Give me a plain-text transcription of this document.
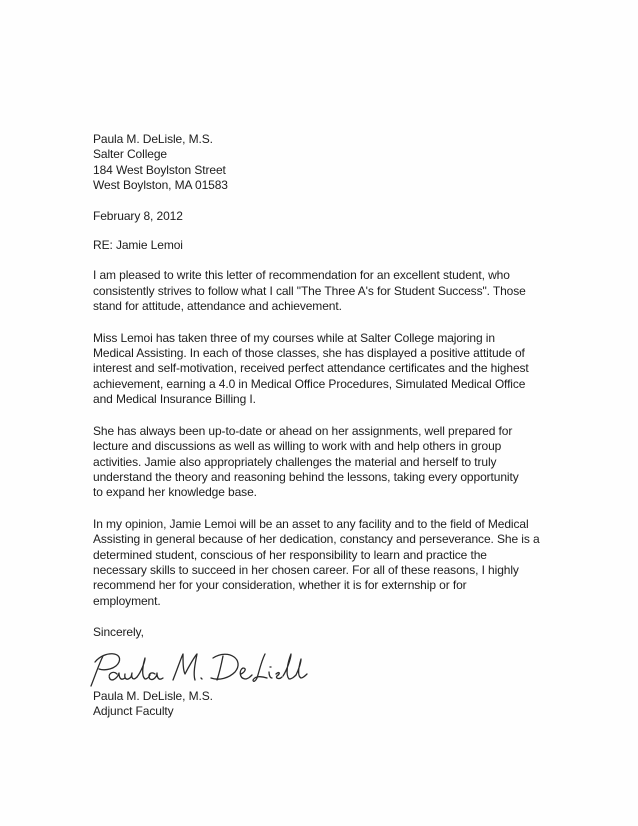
Paula M. DeLisle, M.S.
Salter College
184 West Boylston Street
West Boylston, MA 01583
February 8, 2012
RE: Jamie Lemoi
I am pleased to write this letter of recommendation for an excellent student, who
consistently strives to follow what I call "The Three A's for Student Success". Those
stand for attitude, attendance and achievement.
Miss Lemoi has taken three of my courses while at Salter College majoring in
Medical Assisting. In each of those classes, she has displayed a positive attitude of
interest and self-motivation, received perfect attendance certificates and the highest
achievement, earning a 4.0 in Medical Office Procedures, Simulated Medical Office
and Medical Insurance Billing I.
She has always been up-to-date or ahead on her assignments, well prepared for
lecture and discussions as well as willing to work with and help others in group
activities. Jamie also appropriately challenges the material and herself to truly
understand the theory and reasoning behind the lessons, taking every opportunity
to expand her knowledge base.
In my opinion, Jamie Lemoi will be an asset to any facility and to the field of Medical
Assisting in general because of her dedication, constancy and perseverance. She is a
determined student, conscious of her responsibility to learn and practice the
necessary skills to succeed in her chosen career. For all of these reasons, I highly
recommend her for your consideration, whether it is for externship or for
employment.
Sincerely,
Paula M. DeLisle, M.S.
Adjunct Faculty
